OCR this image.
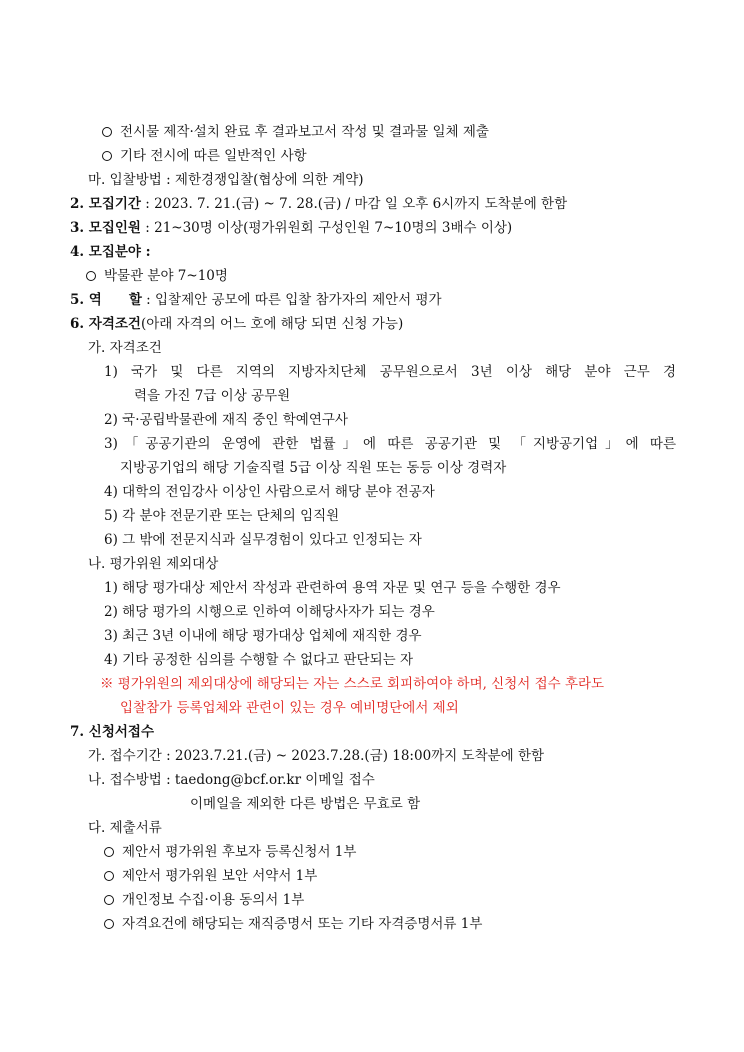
전시물 제작·설치 완료 후 결과보고서 작성 및 결과물 일체 제출
기타 전시에 따른 일반적인 사항
마. 입찰방법 : 제한경쟁입찰(협상에 의한 계약)
2. 모집기간 : 2023. 7. 21.(금) ~ 7. 28.(금) / 마감 일 오후 6시까지 도착분에 한함
3. 모집인원 : 21~30명 이상(평가위원회 구성인원 7~10명의 3배수 이상)
4. 모집분야 :
박물관 분야 7~10명
5. 역　　할 : 입찰제안 공모에 따른 입찰 참가자의 제안서 평가
6. 자격조건(아래 자격의 어느 호에 해당 되면 신청 가능)
가. 자격조건
1) 국가 및 다른 지역의 지방자치단체 공무원으로서 3년 이상 해당 분야 근무 경
력을 가진 7급 이상 공무원
2) 국·공립박물관에 재직 중인 학예연구사
3)「공공기관의 운영에 관한 법률」에 따른 공공기관 및 「지방공기업」에 따른
지방공기업의 해당 기술직렬 5급 이상 직원 또는 동등 이상 경력자
4) 대학의 전임강사 이상인 사람으로서 해당 분야 전공자
5) 각 분야 전문기관 또는 단체의 임직원
6) 그 밖에 전문지식과 실무경험이 있다고 인정되는 자
나. 평가위원 제외대상
1) 해당 평가대상 제안서 작성과 관련하여 용역 자문 및 연구 등을 수행한 경우
2) 해당 평가의 시행으로 인하여 이해당사자가 되는 경우
3) 최근 3년 이내에 해당 평가대상 업체에 재직한 경우
4) 기타 공정한 심의를 수행할 수 없다고 판단되는 자
※ 평가위원의 제외대상에 해당되는 자는 스스로 회피하여야 하며, 신청서 접수 후라도
입찰참가 등록업체와 관련이 있는 경우 예비명단에서 제외
7. 신청서접수
가. 접수기간 : 2023.7.21.(금) ~ 2023.7.28.(금) 18:00까지 도착분에 한함
나. 접수방법 : taedong@bcf.or.kr 이메일 접수
이메일을 제외한 다른 방법은 무효로 함
다. 제출서류
제안서 평가위원 후보자 등록신청서 1부
제안서 평가위원 보안 서약서 1부
개인정보 수집·이용 동의서 1부
자격요건에 해당되는 재직증명서 또는 기타 자격증명서류 1부
